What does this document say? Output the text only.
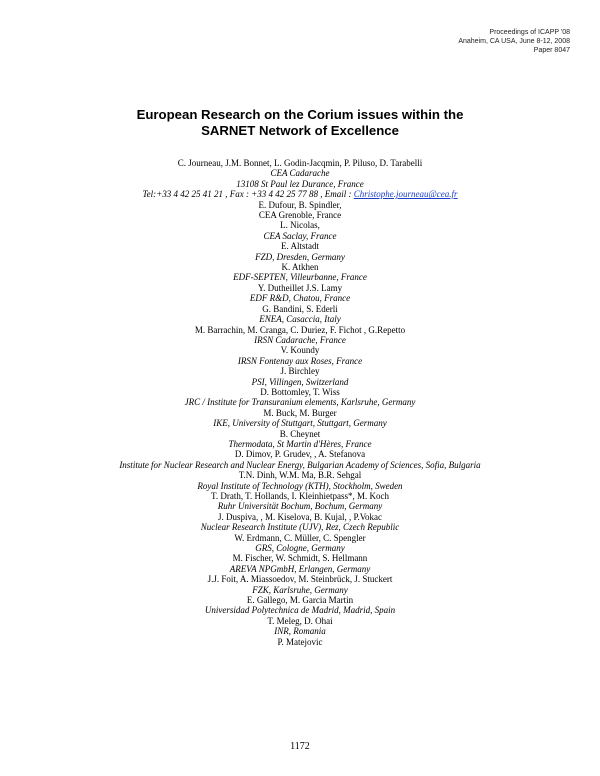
Proceedings of ICAPP '08
Anaheim, CA USA, June 8-12, 2008
Paper 8047
European Research on the Corium issues within the
SARNET Network of Excellence
C. Journeau, J.M. Bonnet, L. Godin-Jacqmin, P. Piluso, D. Tarabelli
CEA Cadarache
13108 St Paul lez Durance, France
Tel:+33 4 42 25 41 21 , Fax : +33 4 42 25 77 88 , Email : Christophe.journeau@cea.fr
E. Dufour, B. Spindler,
CEA Grenoble, France
L. Nicolas,
CEA Saclay, France
E. Altstadt
FZD, Dresden, Germany
K. Atkhen
EDF-SEPTEN, Villeurbanne, France
Y. Dutheillet J.S. Lamy
EDF R&D, Chatou, France
G. Bandini, S. Ederli
ENEA, Casaccia, Italy
M. Barrachin, M. Cranga, C. Duriez, F. Fichot , G.Repetto
IRSN Cadarache, France
V. Koundy
IRSN Fontenay aux Roses, France
J. Birchley
PSI, Villingen, Switzerland
D. Bottomley, T. Wiss
JRC / Institute for Transuranium elements, Karlsruhe, Germany
M. Buck, M. Burger
IKE, University of Stuttgart, Stuttgart, Germany
B. Cheynet
Thermodata, St Martin d'Hères, France
D. Dimov, P. Grudev, , A. Stefanova
Institute for Nuclear Research and Nuclear Energy, Bulgarian Academy of Sciences, Sofia, Bulgaria
T.N. Dinh, W.M. Ma, B.R. Sehgal
Royal Institute of Technology (KTH), Stockholm, Sweden
T. Drath, T. Hollands, I. Kleinhietpass*, M. Koch
Ruhr Universität Bochum, Bochum, Germany
J. Duspiva, , M. Kiselova, B. Kujal, , P.Vokac
Nuclear Research Institute (UJV), Rez, Czech Republic
W. Erdmann, C. Müller, C. Spengler
GRS, Cologne, Germany
M. Fischer, W. Schmidt, S. Hellmann
AREVA NPGmbH, Erlangen, Germany
J.J. Foit, A. Miassoedov, M. Steinbrück, J. Stuckert
FZK, Karlsruhe, Germany
E. Gallego, M. Garcia Martin
Universidad Polytechnica de Madrid, Madrid, Spain
T. Meleg, D. Ohai
INR, Romania
P. Matejovic
1172
